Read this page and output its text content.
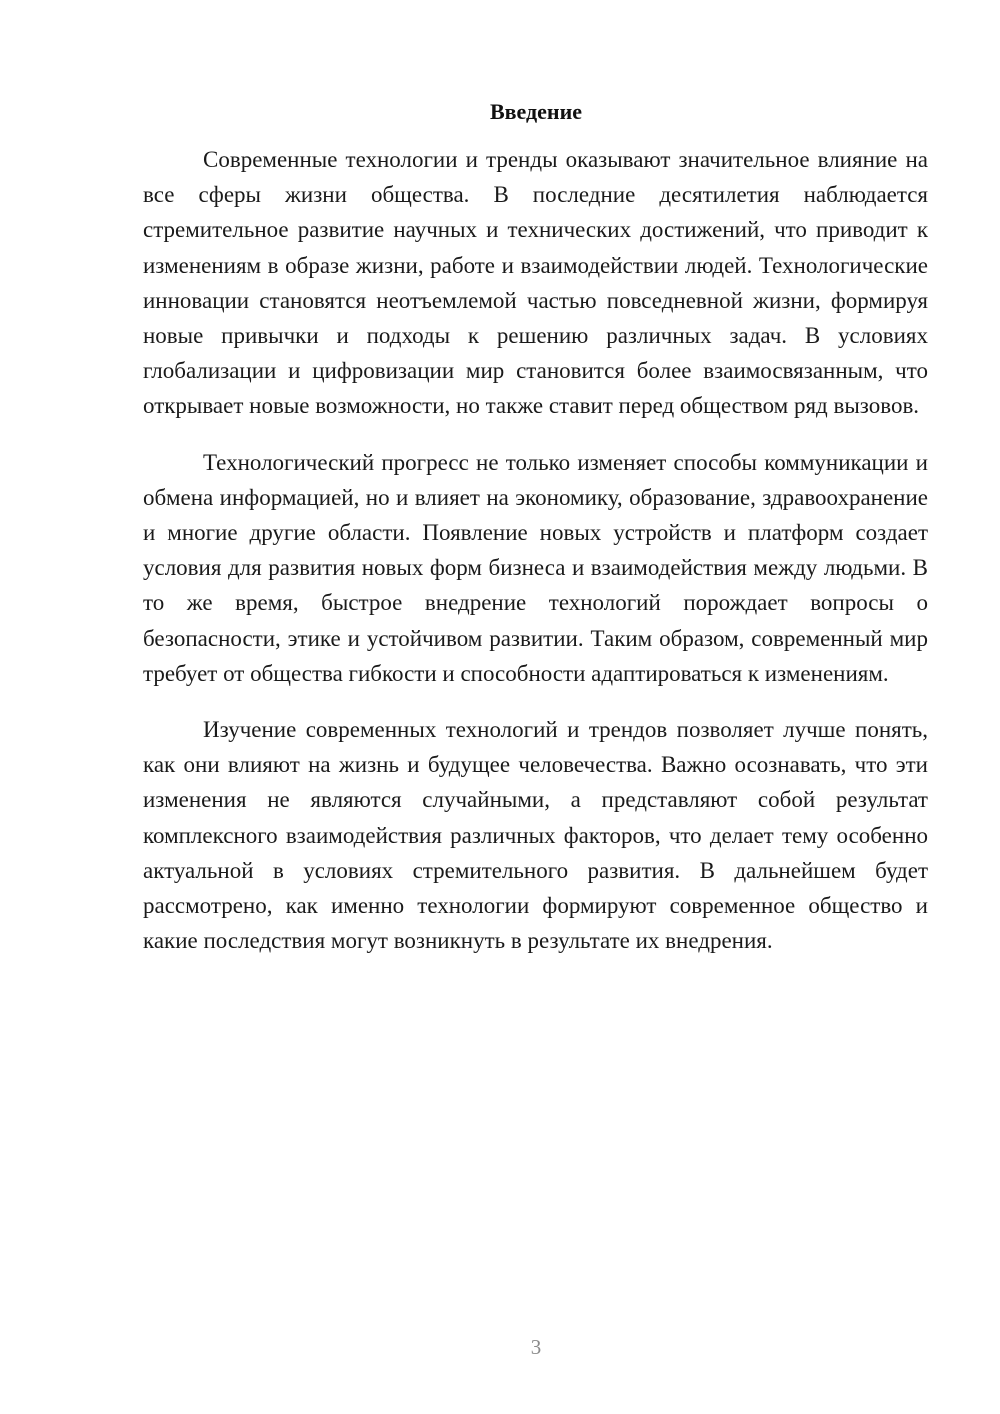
Введение

Современные технологии и тренды оказывают значительное влияние на все сферы жизни общества. В последние десятилетия наблюдается стремительное развитие научных и технических достижений, что приводит к изменениям в образе жизни, работе и взаимодействии людей. Технологические инновации становятся неотъемлемой частью повседневной жизни, формируя новые привычки и подходы к решению различных задач. В условиях глобализации и цифровизации мир становится более взаимосвязанным, что открывает новые возможности, но также ставит перед обществом ряд вызовов.

Технологический прогресс не только изменяет способы коммуникации и обмена информацией, но и влияет на экономику, образование, здравоохранение и многие другие области. Появление новых устройств и платформ создает условия для развития новых форм бизнеса и взаимодействия между людьми. В то же время, быстрое внедрение технологий порождает вопросы о безопасности, этике и устойчивом развитии. Таким образом, современный мир требует от общества гибкости и способности адаптироваться к изменениям.

Изучение современных технологий и трендов позволяет лучше понять, как они влияют на жизнь и будущее человечества. Важно осознавать, что эти изменения не являются случайными, а представляют собой результат комплексного взаимодействия различных факторов, что делает тему особенно актуальной в условиях стремительного развития. В дальнейшем будет рассмотрено, как именно технологии формируют современное общество и какие последствия могут возникнуть в результате их внедрения.

3
